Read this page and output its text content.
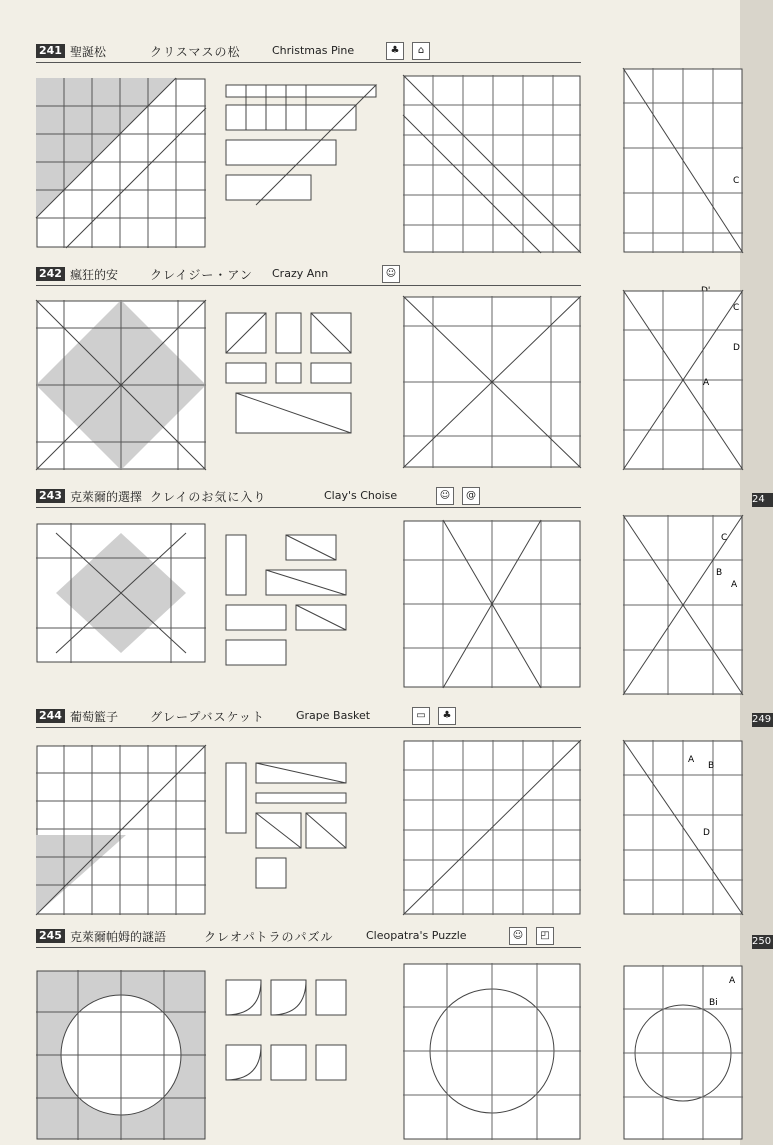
241 聖誕松	クリスマスの松	Christmas Pine	♣	⌂
242 瘋狂的安	クレイジー・アン Crazy Ann	☺
243 克萊爾的選擇 クレイのお気に入り	Clay's Choise	☺	@
244 葡萄籃子	グレープバスケット	Grape Basket	▭	♣
245 克萊爾帕姆的謎語	クレオパトラのパズル	Cleopatra's Puzzle	☺	◰
C
C
D
A
C
B
A
A
B
D
A
Bi
24
249
250
